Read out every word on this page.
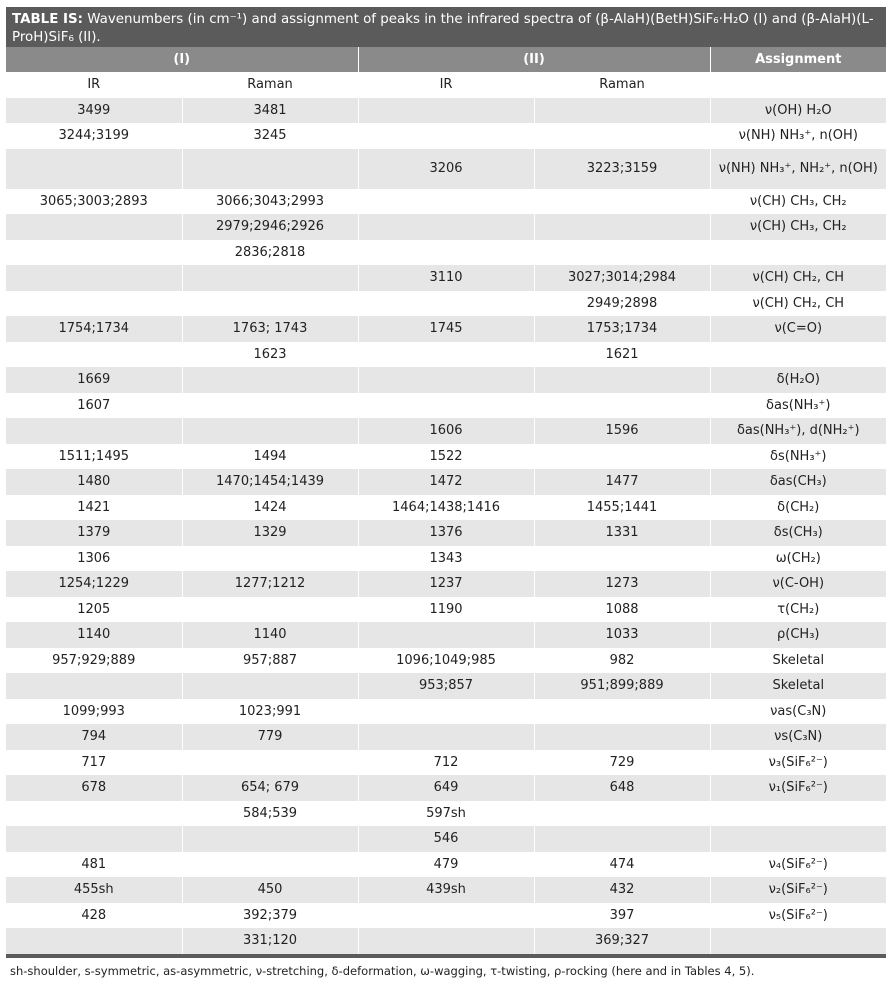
TABLE IS: Wavenumbers (in cm⁻¹) and assignment of peaks in the infrared spectra of (β-AlaH)(BetH)SiF₆·H₂O (I) and (β-AlaH)(L-ProH)SiF₆ (II).
(I)		(II)		Assignment
IR	Raman	IR	Raman	
3499	3481			ν(OH) H₂O
3244;3199	3245			ν(NH) NH₃⁺, n(OH)
		3206	3223;3159	ν(NH) NH₃⁺, NH₂⁺, n(OH)
3065;3003;2893	3066;3043;2993			ν(CH) CH₃, CH₂
	2979;2946;2926			ν(CH) CH₃, CH₂
	2836;2818			
		3110	3027;3014;2984	ν(CH) CH₂, CH
			2949;2898	ν(CH) CH₂, CH
1754;1734	1763; 1743	1745	1753;1734	ν(C=O)
	1623		1621	
1669				δ(H₂O)
1607				δas(NH₃⁺)
		1606	1596	δas(NH₃⁺), d(NH₂⁺)
1511;1495	1494	1522		δs(NH₃⁺)
1480	1470;1454;1439	1472	1477	δas(CH₃)
1421	1424	1464;1438;1416	1455;1441	δ(CH₂)
1379	1329	1376	1331	δs(CH₃)
1306		1343		ω(CH₂)
1254;1229	1277;1212	1237	1273	ν(C-OH)
1205		1190	1088	τ(CH₂)
1140	1140		1033	ρ(CH₃)
957;929;889	957;887	1096;1049;985	982	Skeletal
		953;857	951;899;889	Skeletal
1099;993	1023;991			νas(C₃N)
794	779			νs(C₃N)
717		712	729	ν₃(SiF₆²⁻)
678	654; 679	649	648	ν₁(SiF₆²⁻)
	584;539	597sh		
		546		
481		479	474	ν₄(SiF₆²⁻)
455sh	450	439sh	432	ν₂(SiF₆²⁻)
428	392;379		397	ν₅(SiF₆²⁻)
	331;120		369;327	
sh-shoulder, s-symmetric, as-asymmetric, ν-stretching, δ-deformation, ω-wagging, τ-twisting, ρ-rocking (here and in Tables 4, 5).
